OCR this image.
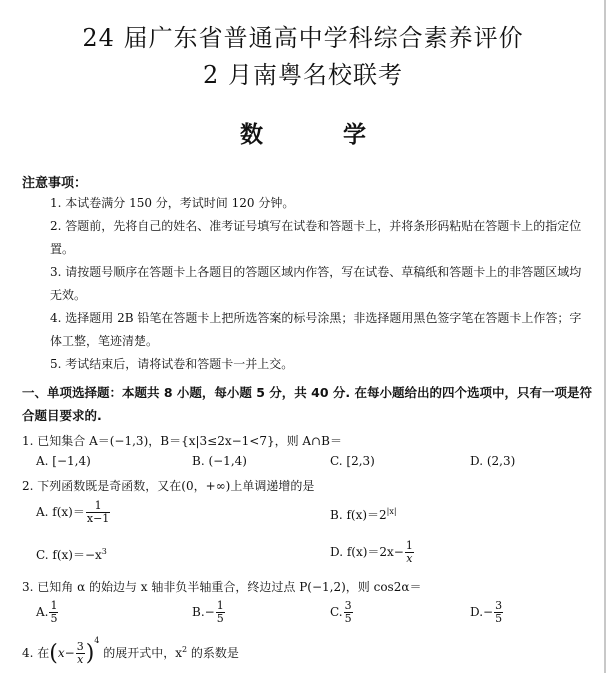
24 届广东省普通高中学科综合素养评价
2 月南粤名校联考
数 学
注意事项：
1. 本试卷满分 150 分，考试时间 120 分钟。
2. 答题前，先将自己的姓名、准考证号填写在试卷和答题卡上，并将条形码粘贴在答题卡上的指定位置。
3. 请按题号顺序在答题卡上各题目的答题区域内作答，写在试卷、草稿纸和答题卡上的非答题区域均无效。
4. 选择题用 2B 铅笔在答题卡上把所选答案的标号涂黑；非选择题用黑色签字笔在答题卡上作答；字体工整，笔迹清楚。
5. 考试结束后，请将试卷和答题卡一并上交。
一、单项选择题：本题共 8 小题，每小题 5 分，共 40 分. 在每小题给出的四个选项中，只有一项是符合题目要求的.
1. 已知集合 A＝(−1,3)，B＝{x|3≤2x−1<7}，则 A∩B＝
A. [−1,4)	B. (−1,4)	C. [2,3)	D. (2,3)
2. 下列函数既是奇函数，又在(0，+∞)上单调递增的是
A. $f(x)= \frac{1}{x-1}$	B. $f(x)=2^{|x|}$
C. $f(x)=-x^3$	D. $f(x)=2x- \frac{1}{x}$
3. 已知角 α 的始边与 x 轴非负半轴重合，终边过点 P(−1,2)，则 cos2α＝
A. $\frac{1}{5}$	$B.- \frac{1}{5}$	C. $\frac{3}{5}$	$D.- \frac{3}{5}$
4. 在$(x- \frac{3}{x} )^4$ 的展开式中，$x^2$ 的系数是
